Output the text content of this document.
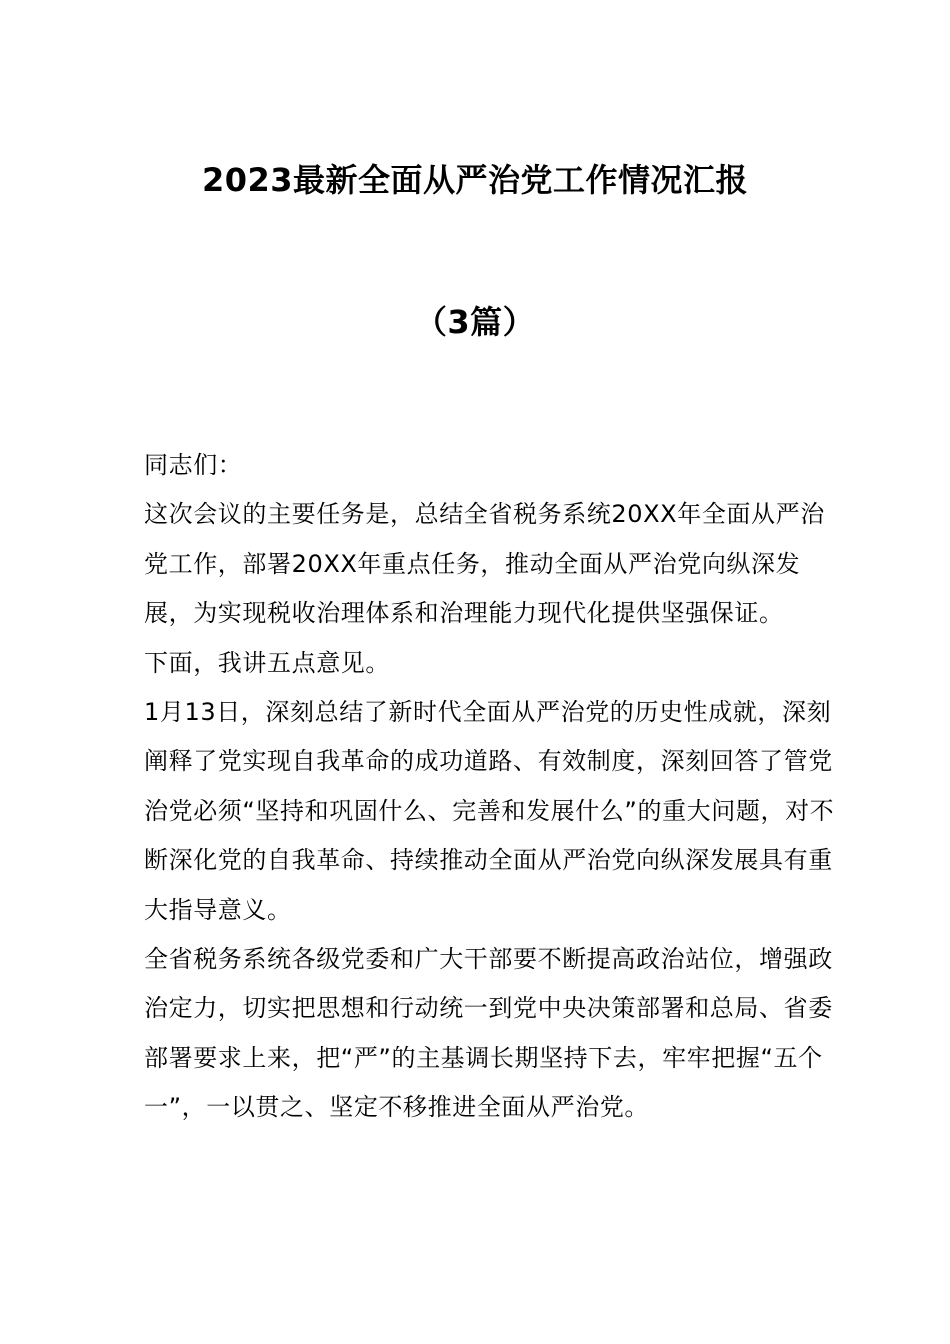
2023最新全面从严治党工作情况汇报
（3篇）

同志们：

这次会议的主要任务是，总结全省税务系统20XX年全面从严治党工作，部署20XX年重点任务，推动全面从严治党向纵深发展，为实现税收治理体系和治理能力现代化提供坚强保证。

下面，我讲五点意见。

1月13日，深刻总结了新时代全面从严治党的历史性成就，深刻阐释了党实现自我革命的成功道路、有效制度，深刻回答了管党治党必须“坚持和巩固什么、完善和发展什么”的重大问题，对不断深化党的自我革命、持续推动全面从严治党向纵深发展具有重大指导意义。

全省税务系统各级党委和广大干部要不断提高政治站位，增强政治定力，切实把思想和行动统一到党中央决策部署和总局、省委部署要求上来，把“严”的主基调长期坚持下去，牢牢把握“五个一”，一以贯之、坚定不移推进全面从严治党。
